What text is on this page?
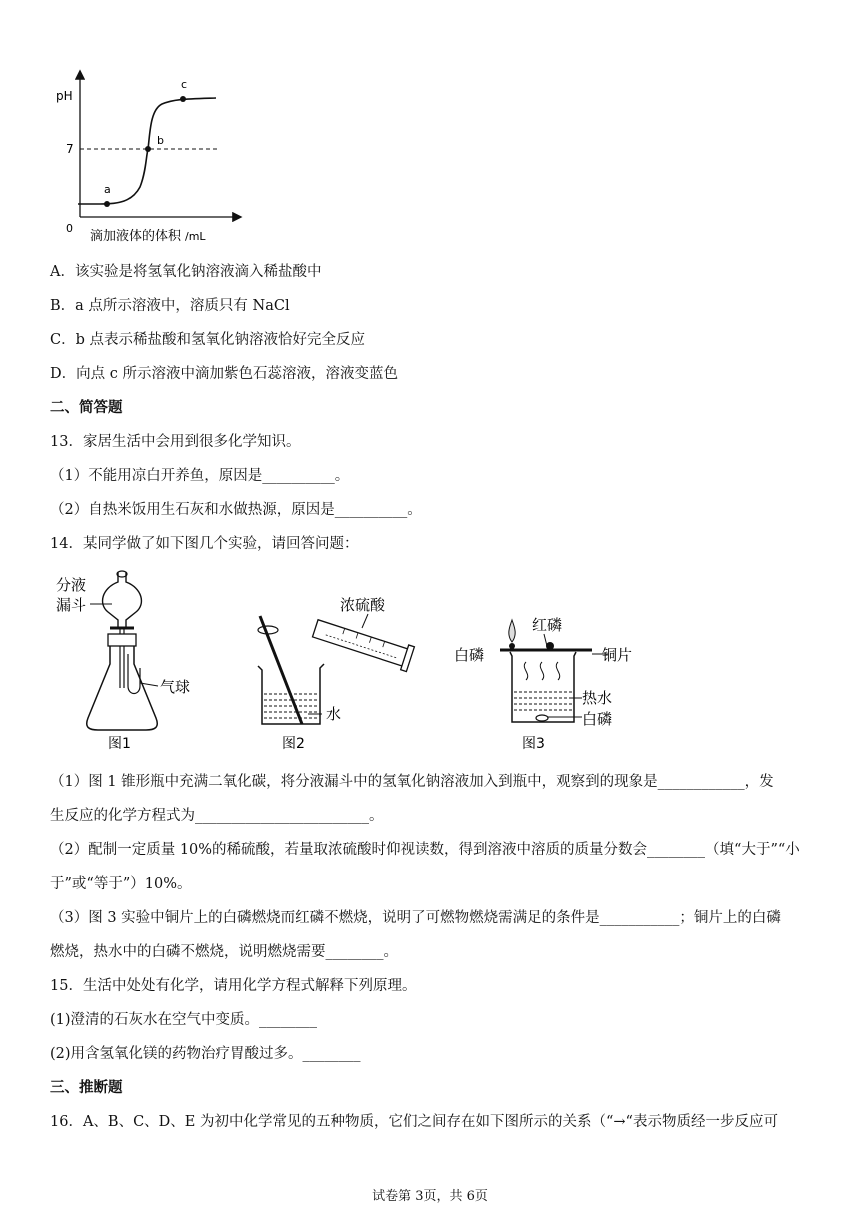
pH
7
0
a
b
c
滴加液体的体积 /mL
A．该实验是将氢氧化钠溶液滴入稀盐酸中
B．a 点所示溶液中，溶质只有 NaCl
C．b 点表示稀盐酸和氢氧化钠溶液恰好完全反应
D．向点 c 所示溶液中滴加紫色石蕊溶液，溶液变蓝色
二、简答题
13．家居生活中会用到很多化学知识。
（1）不能用凉白开养鱼，原因是__________。
（2）自热米饭用生石灰和水做热源，原因是__________。
14．某同学做了如下图几个实验，请回答问题：
分液
漏斗
气球
图1
浓硫酸
水
图2
红磷
白磷	铜片
热水
白磷
图3
（1）图 1 锥形瓶中充满二氧化碳，将分液漏斗中的氢氧化钠溶液加入到瓶中，观察到的现象是____________，发
生反应的化学方程式为________________________。
（2）配制一定质量 10%的稀硫酸，若量取浓硫酸时仰视读数，得到溶液中溶质的质量分数会________（填“大于”“小
于”或“等于”）10%。
（3）图 3 实验中铜片上的白磷燃烧而红磷不燃烧，说明了可燃物燃烧需满足的条件是___________；铜片上的白磷
燃烧，热水中的白磷不燃烧，说明燃烧需要________。
15．生活中处处有化学，请用化学方程式解释下列原理。
(1)澄清的石灰水在空气中变质。________
(2)用含氢氧化镁的药物治疗胃酸过多。________
三、推断题
16．A、B、C、D、E 为初中化学常见的五种物质，它们之间存在如下图所示的关系（“→“表示物质经一步反应可
试卷第 3页，共 6页
